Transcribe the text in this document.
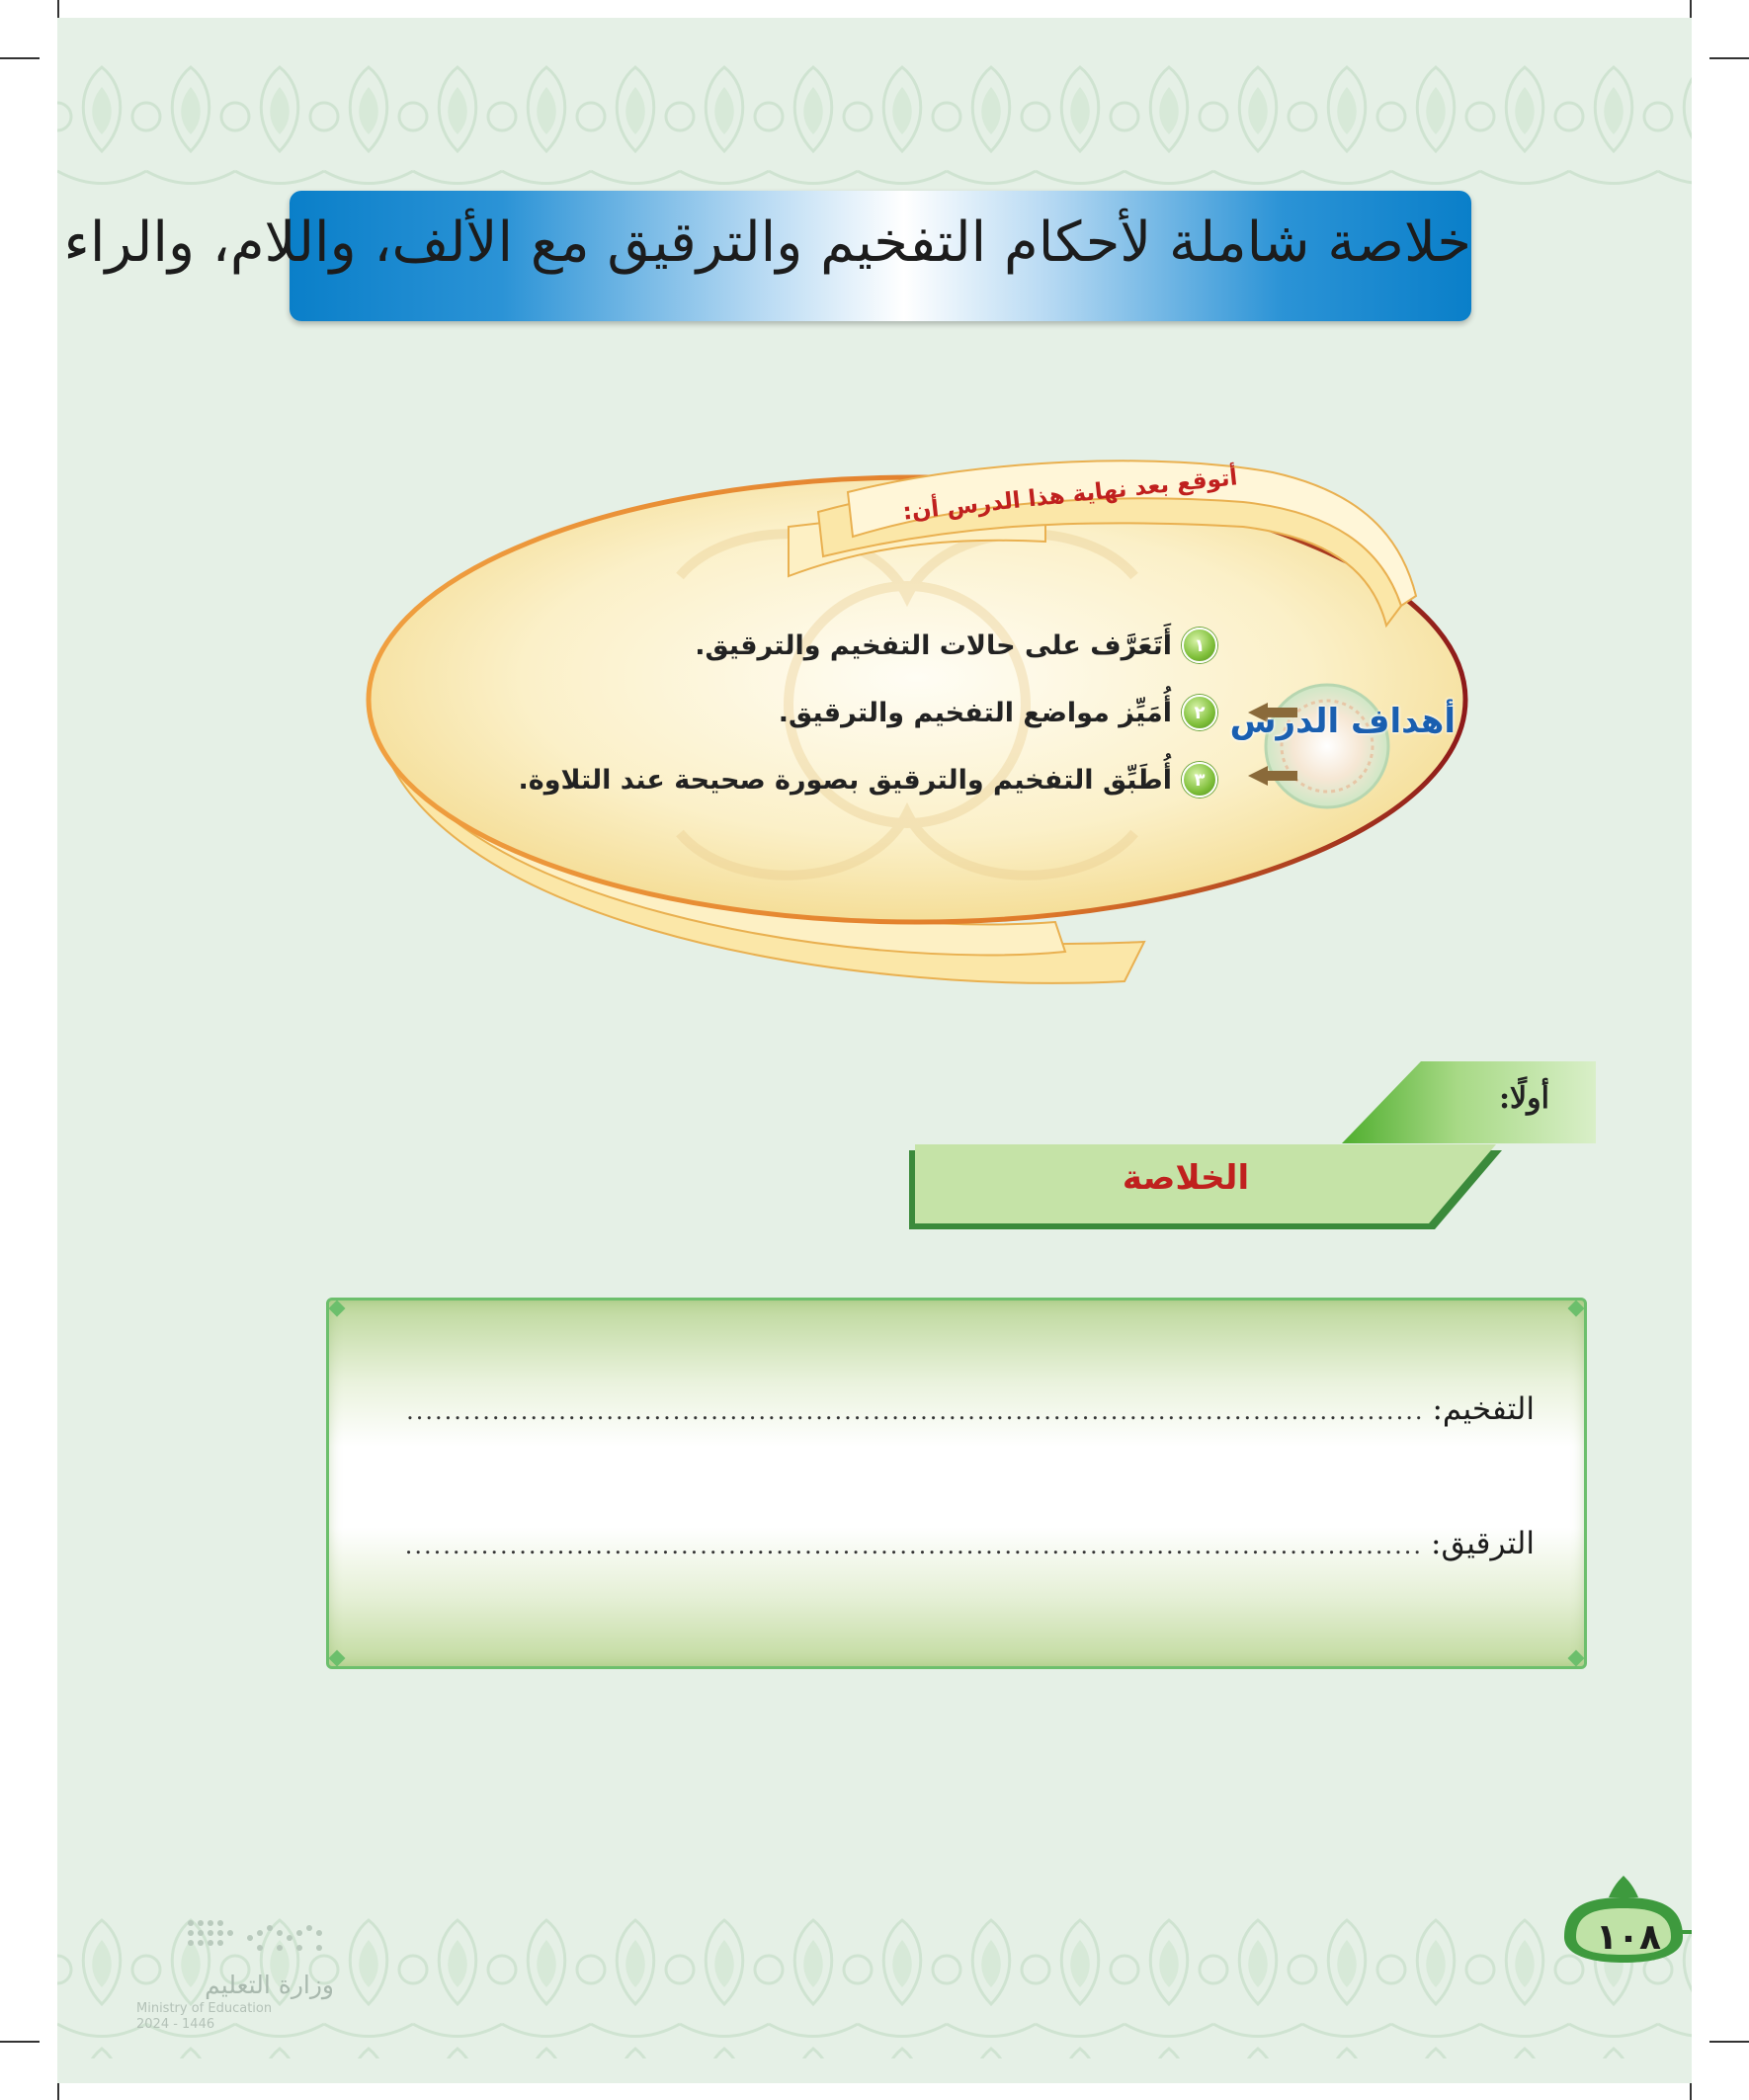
خلاصة شاملة لأحكام التفخيم والترقيق مع الألف، واللام، والراء
أتوقع بعد نهاية هذا الدرس أن:
أهداف الدرس
١
أَتَعَرَّف على حالات التفخيم والترقيق.
٢
أُمَيِّز مواضع التفخيم والترقيق.
٣
أُطَبِّق التفخيم والترقيق بصورة صحيحة عند التلاوة.
أولًا:
الخلاصة
التفخيم:
...........................................................................................................
الترقيق:
...........................................................................................................
١٠٨
وزارة التعليم
Ministry of Education
2024 - 1446
